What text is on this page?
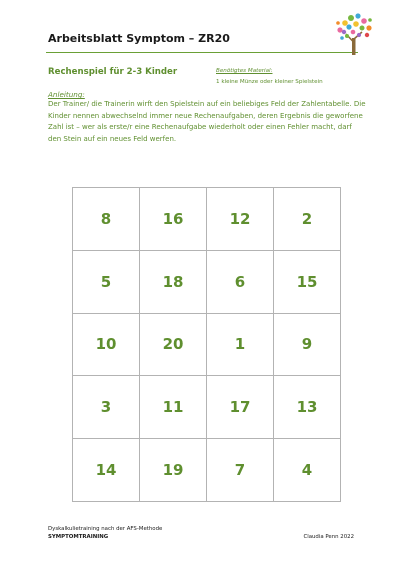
Arbeitsblatt Symptom – ZR20
Rechenspiel für 2-3 Kinder	Benötigtes Material:
1 kleine Münze oder kleiner Spielstein
Anleitung:
Der Trainer/ die Trainerin wirft den Spielstein auf ein beliebiges Feld der Zahlentabelle. Die Kinder nennen abwechselnd immer neue Rechenaufgaben, deren Ergebnis die geworfene Zahl ist – wer als erste/r eine Rechenaufgabe wiederholt oder einen Fehler macht, darf den Stein auf ein neues Feld werfen.
8	16	12	2
5	18	6	15
10	20	1	9
3	11	17	13
14	19	7	4
Dyskalkulietraining nach der AFS-Methode
SYMPTOMTRAINING	Claudia Penn 2022
